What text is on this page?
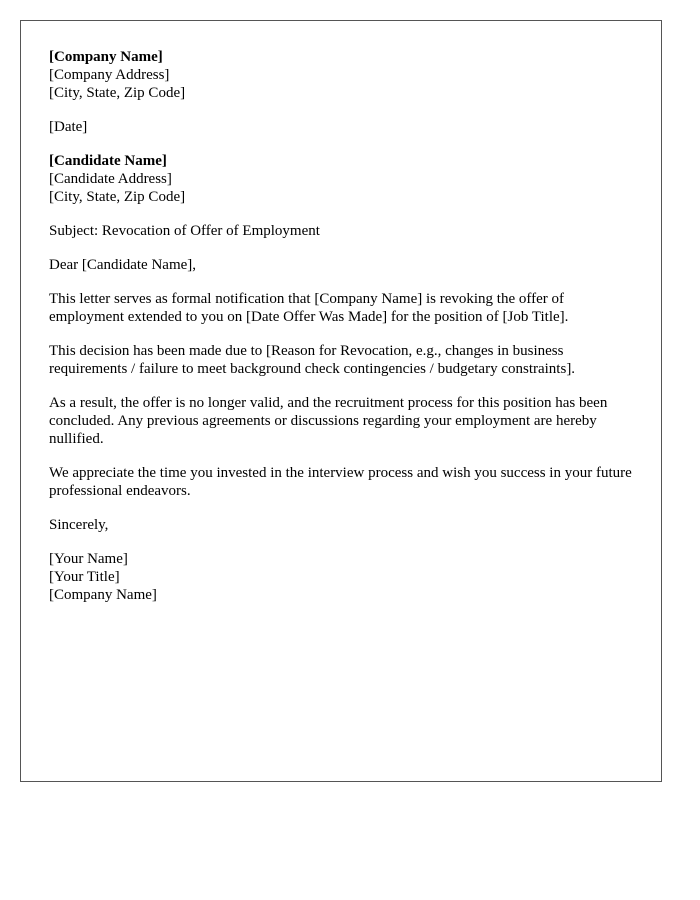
[Company Name]
[Company Address]
[City, State, Zip Code]

[Date]

[Candidate Name]
[Candidate Address]
[City, State, Zip Code]

Subject: Revocation of Offer of Employment

Dear [Candidate Name],

This letter serves as formal notification that [Company Name] is revoking the offer of employment extended to you on [Date Offer Was Made] for the position of [Job Title].

This decision has been made due to [Reason for Revocation, e.g., changes in business requirements / failure to meet background check contingencies / budgetary constraints].

As a result, the offer is no longer valid, and the recruitment process for this position has been concluded. Any previous agreements or discussions regarding your employment are hereby nullified.

We appreciate the time you invested in the interview process and wish you success in your future professional endeavors.

Sincerely,

[Your Name]
[Your Title]
[Company Name]
